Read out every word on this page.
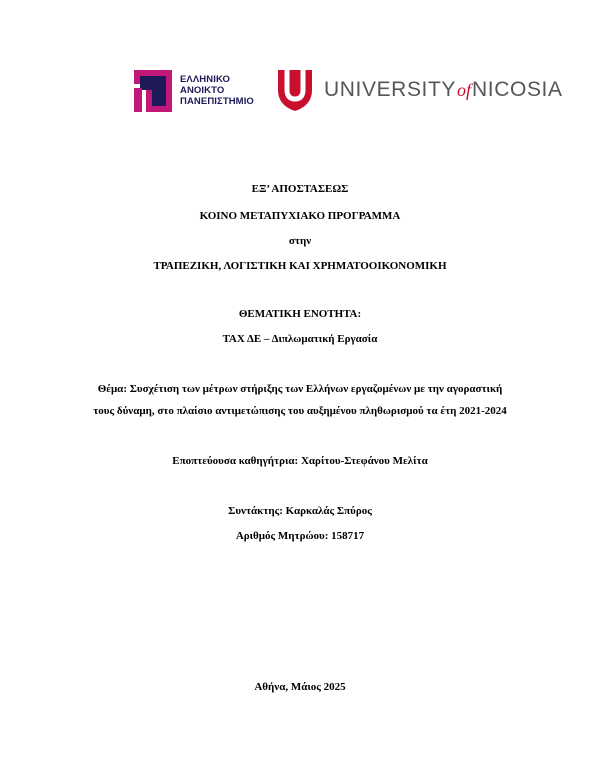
ΕΛΛΗΝΙΚΟ
ΑΝΟΙΚΤΟ
ΠΑΝΕΠΙΣΤΗΜΙΟ
UNIVERSITYofNICOSIA
ΕΞ’ ΑΠΟΣΤΑΣΕΩΣ
ΚΟΙΝΟ ΜΕΤΑΠΥΧΙΑΚΟ ΠΡΟΓΡΑΜΜΑ
στην
ΤΡΑΠΕΖΙΚΗ, ΛΟΓΙΣΤΙΚΗ ΚΑΙ ΧΡΗΜΑΤΟΟΙΚΟΝΟΜΙΚΗ
ΘΕΜΑΤΙΚΗ ΕΝΟΤΗΤΑ:
ΤΑΧ ΔΕ – Διπλωματική Εργασία
Θέμα: Συσχέτιση των μέτρων στήριξης των Ελλήνων εργαζομένων με την αγοραστική
τους δύναμη, στο πλαίσιο αντιμετώπισης του αυξημένου πληθωρισμού τα έτη 2021-2024
Εποπτεύουσα καθηγήτρια: Χαρίτου-Στεφάνου Μελίτα
Συντάκτης: Καρκαλάς Σπύρος
Αριθμός Μητρώου: 158717
Αθήνα, Μάιος 2025
